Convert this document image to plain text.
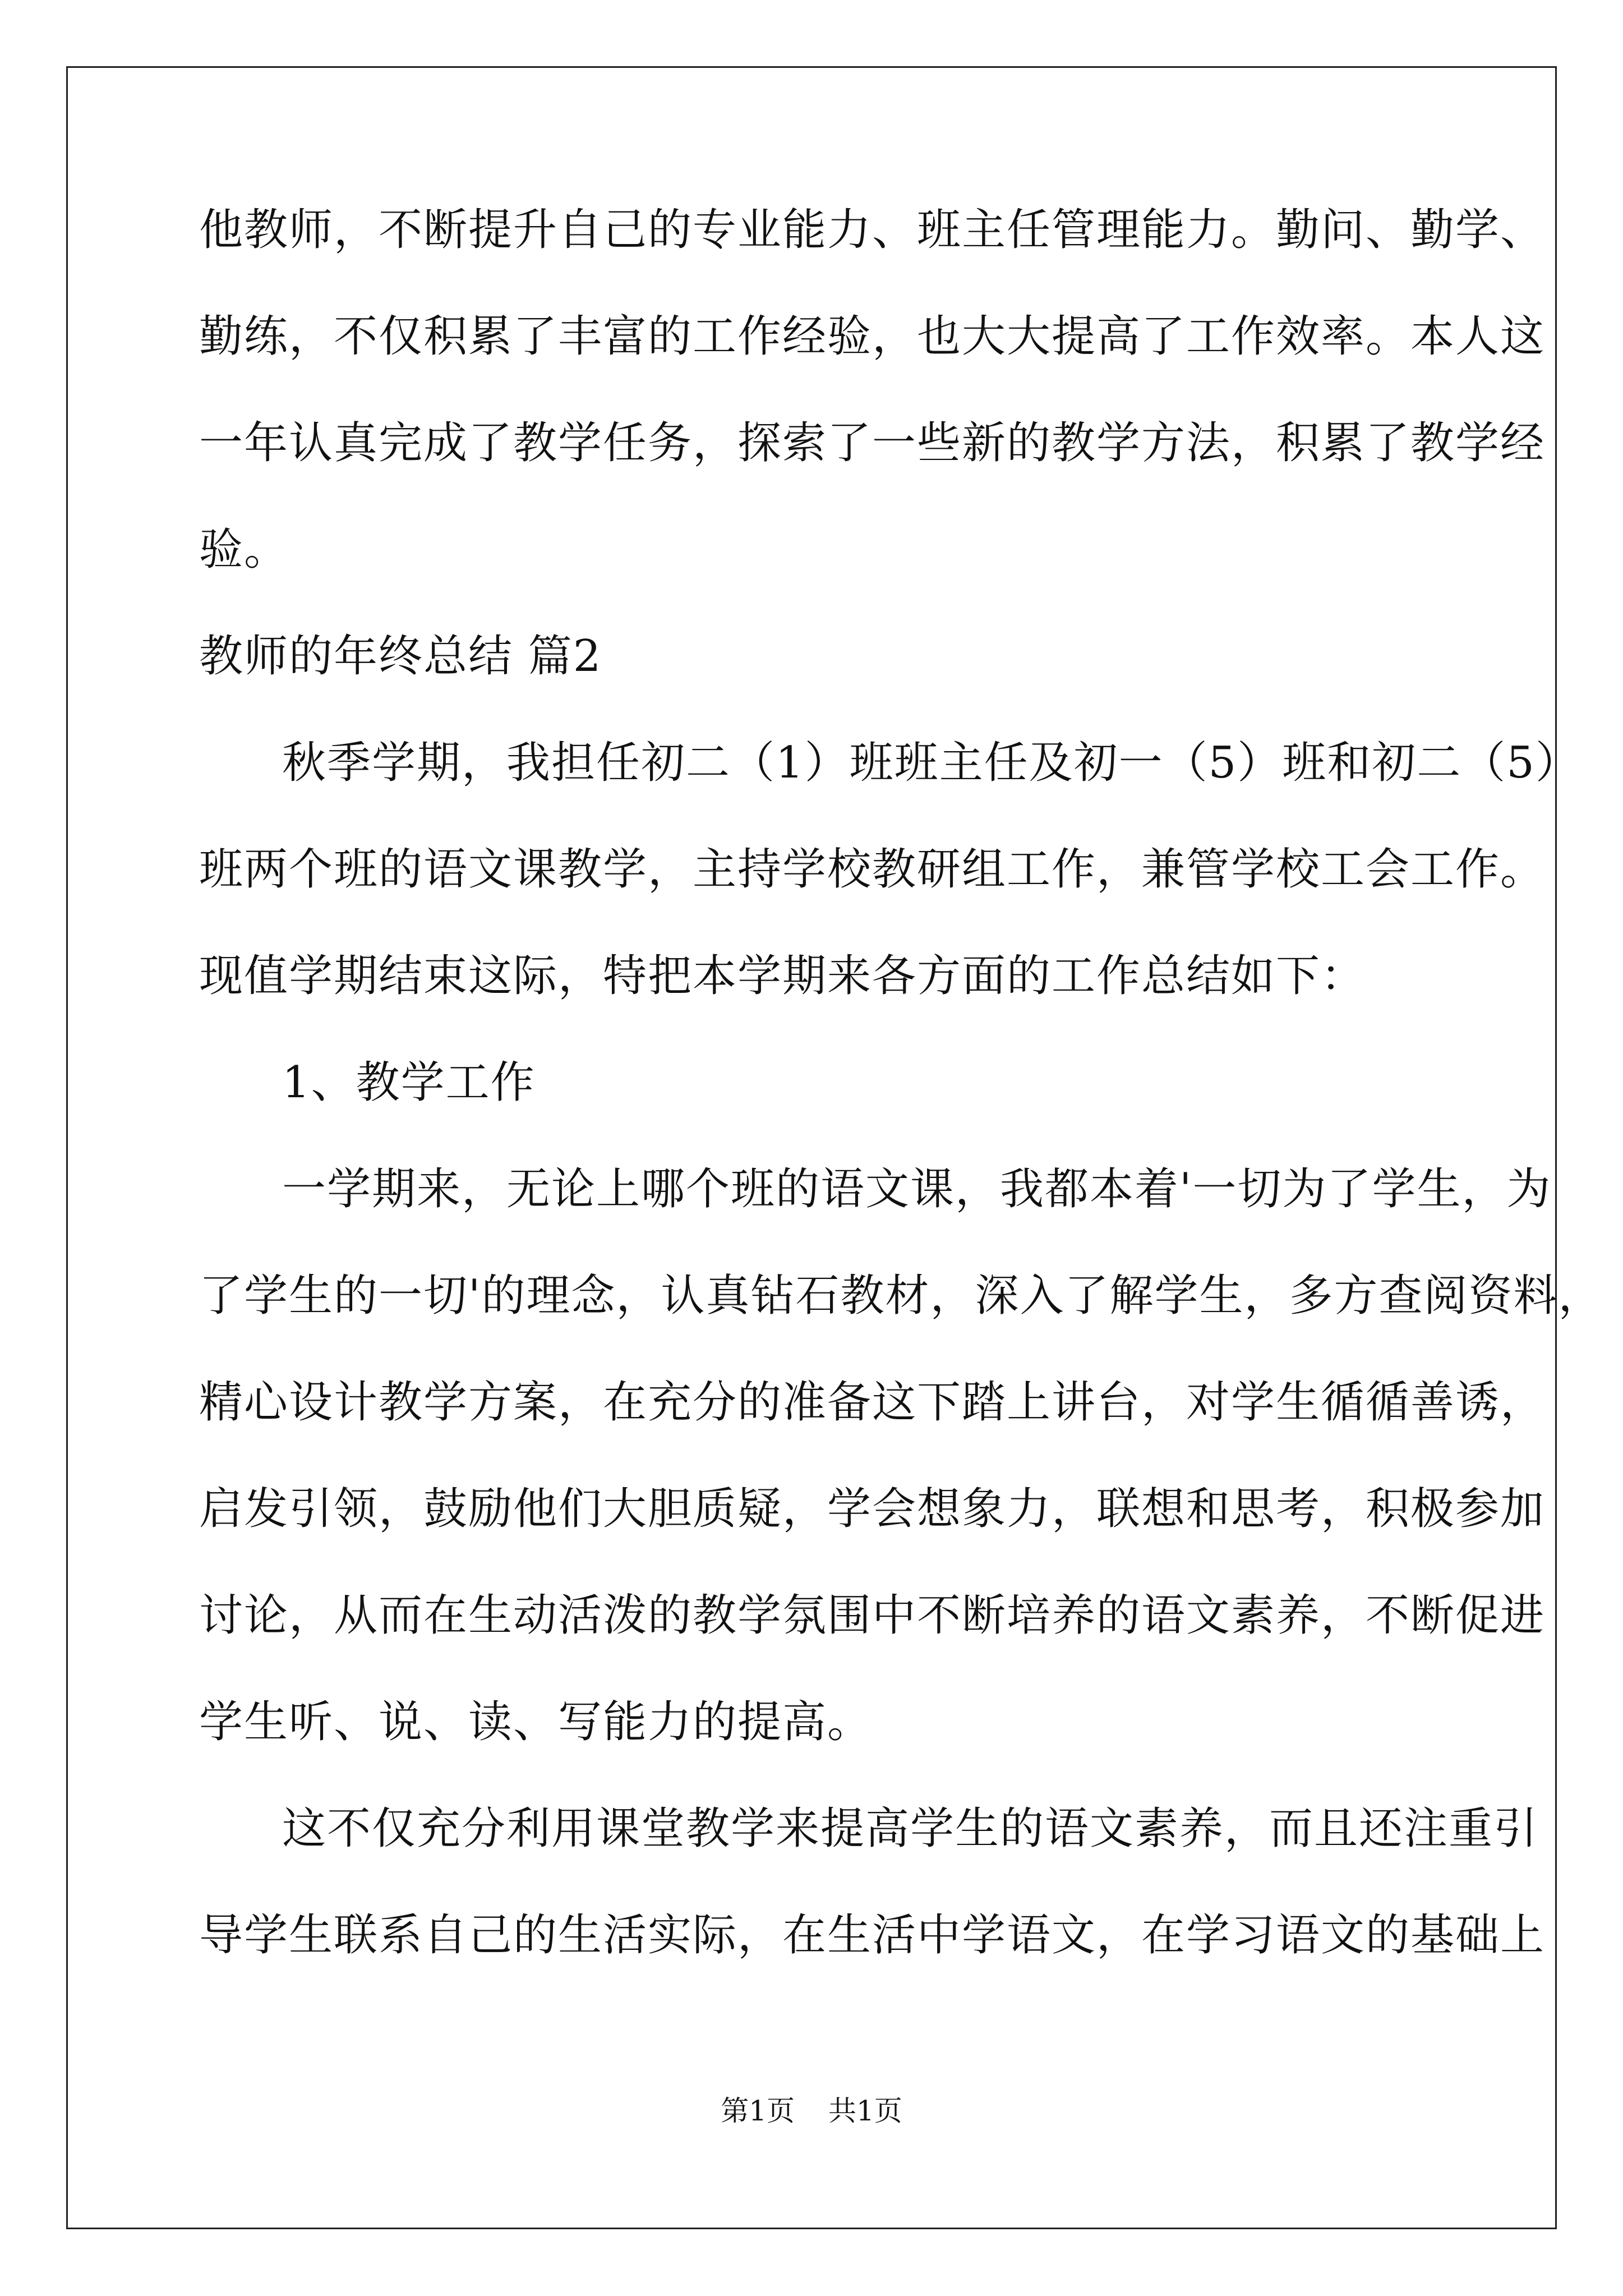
他教师，不断提升自己的专业能力、班主任管理能力。勤问、勤学、

勤练，不仅积累了丰富的工作经验，也大大提高了工作效率。本人这

一年认真完成了教学任务，探索了一些新的教学方法，积累了教学经

验。

教师的年终总结 篇2

秋季学期，我担任初二（1）班班主任及初一（5）班和初二（5）

班两个班的语文课教学，主持学校教研组工作，兼管学校工会工作。

现值学期结束这际，特把本学期来各方面的工作总结如下：

1、教学工作

一学期来，无论上哪个班的语文课，我都本着'一切为了学生，为

了学生的一切'的理念，认真钻石教材，深入了解学生，多方查阅资料，

精心设计教学方案，在充分的准备这下踏上讲台，对学生循循善诱，

启发引领，鼓励他们大胆质疑，学会想象力，联想和思考，积极参加

讨论，从而在生动活泼的教学氛围中不断培养的语文素养，不断促进

学生听、说、读、写能力的提高。

这不仅充分利用课堂教学来提高学生的语文素养，而且还注重引

导学生联系自己的生活实际，在生活中学语文，在学习语文的基础上

第1页 共1页
